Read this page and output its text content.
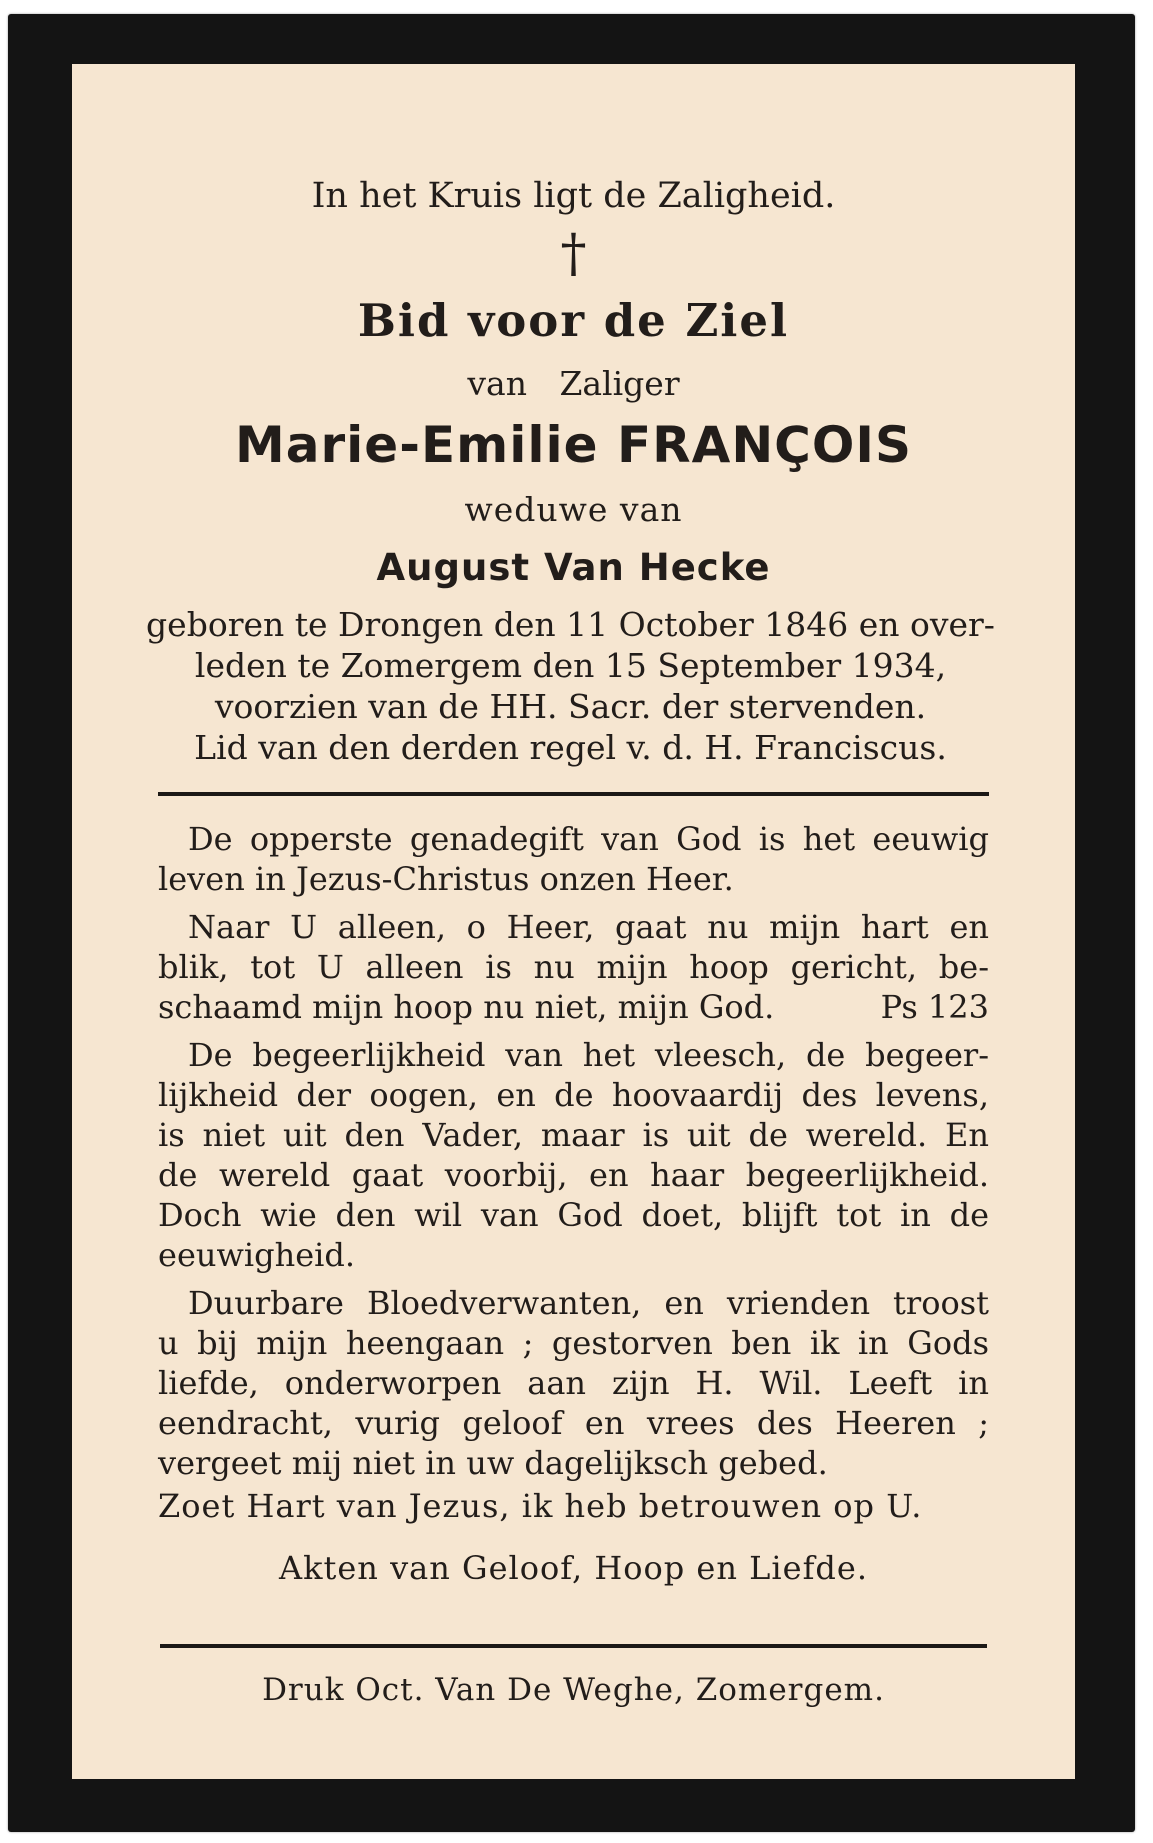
In het Kruis ligt de Zaligheid.

†

Bid voor de Ziel

van Zaliger

Marie-Emilie FRANÇOIS

weduwe van

August Van Hecke

geboren te Drongen den 11 October 1846 en over-
leden te Zomergem den 15 September 1934,
voorzien van de HH. Sacr. der stervenden.
Lid van den derden regel v. d. H. Franciscus.
De opperste genadegift van God is het eeuwig
leven in Jezus-Christus onzen Heer.
Naar U alleen, o Heer, gaat nu mijn hart en
blik, tot U alleen is nu mijn hoop gericht, be-
schaamd mijn hoop nu niet, mijn God.	Ps 123
De begeerlijkheid van het vleesch, de begeer-
lijkheid der oogen, en de hoovaardij des levens,
is niet uit den Vader, maar is uit de wereld. En
de wereld gaat voorbij, en haar begeerlijkheid.
Doch wie den wil van God doet, blijft tot in de
eeuwigheid.
Duurbare Bloedverwanten, en vrienden troost
u bij mijn heengaan ; gestorven ben ik in Gods
liefde, onderworpen aan zijn H. Wil. Leeft in
eendracht, vurig geloof en vrees des Heeren ;
vergeet mij niet in uw dagelijksch gebed.
Zoet Hart van Jezus, ik heb betrouwen op U.
Akten van Geloof, Hoop en Liefde.
Druk Oct. Van De Weghe, Zomergem.
